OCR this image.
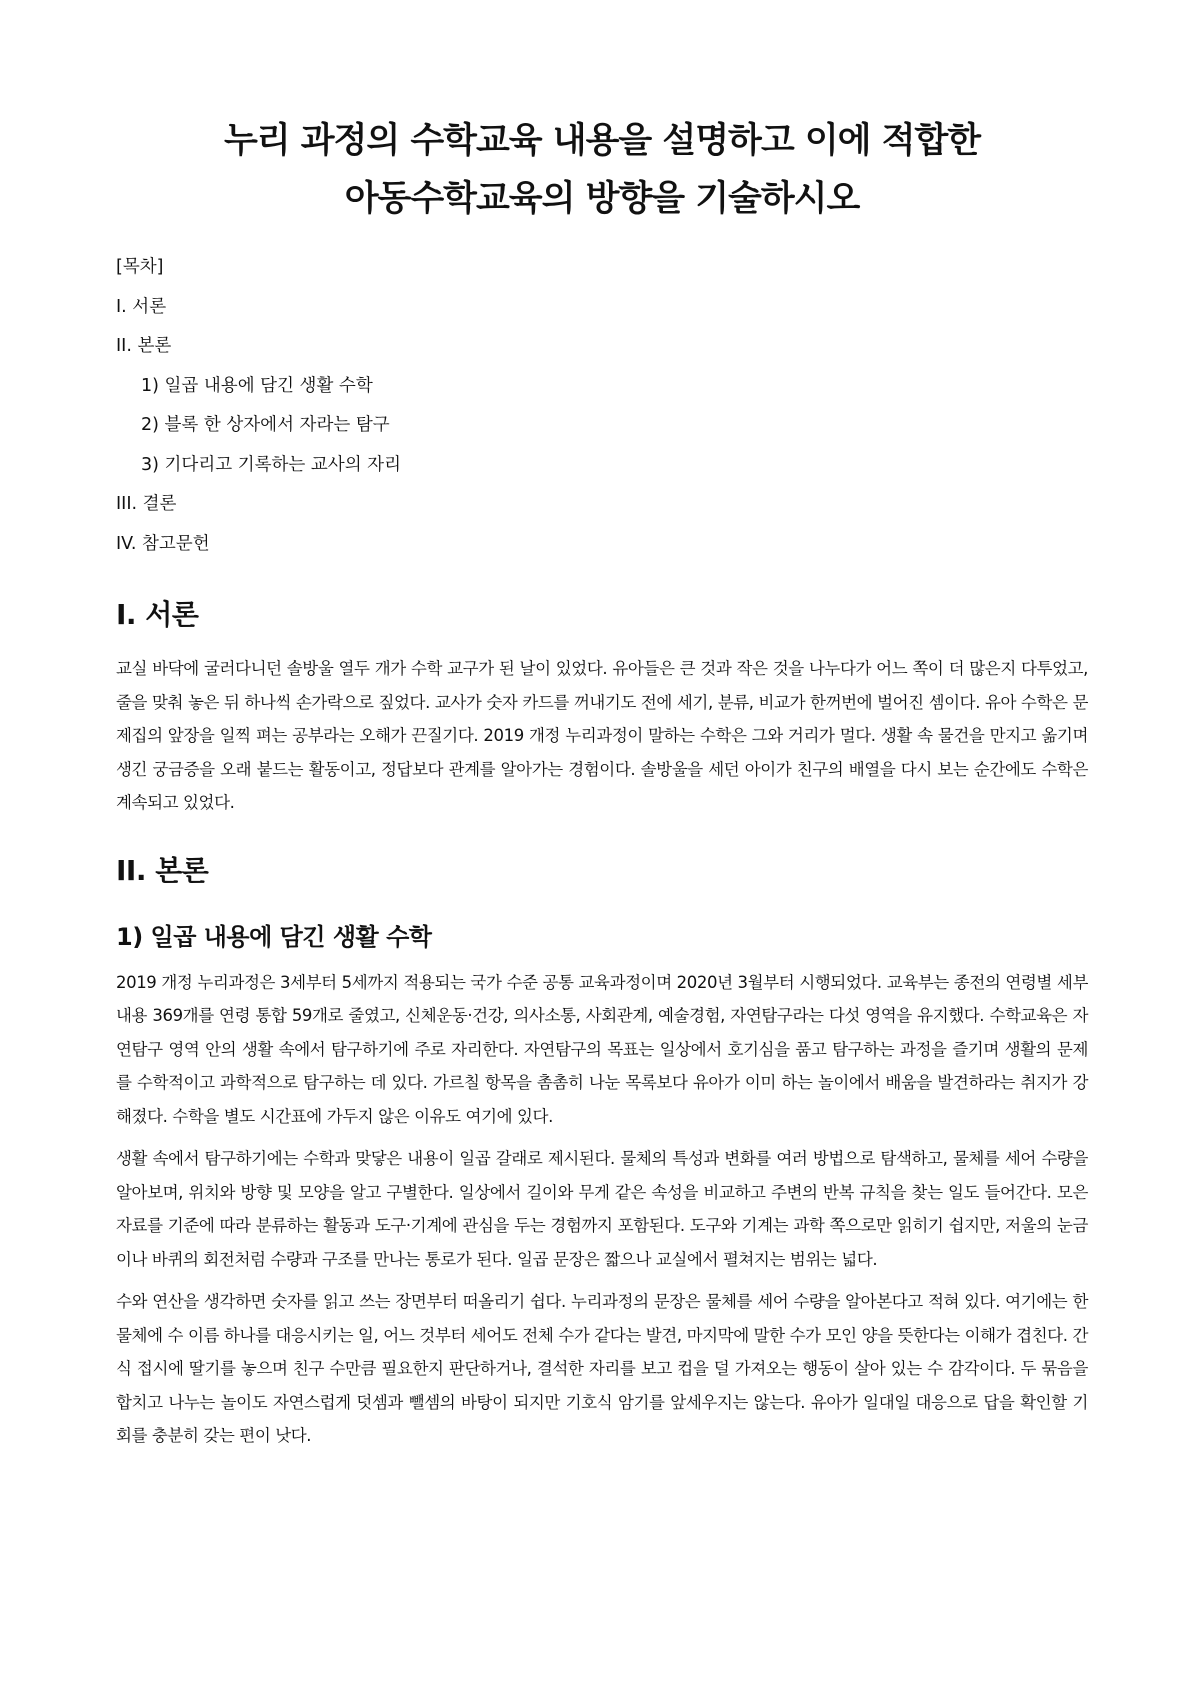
누리 과정의 수학교육 내용을 설명하고 이에 적합한 아동수학교육의 방향을 기술하시오
[목차]
I. 서론
II. 본론
1) 일곱 내용에 담긴 생활 수학
2) 블록 한 상자에서 자라는 탐구
3) 기다리고 기록하는 교사의 자리
III. 결론
IV. 참고문헌
I. 서론

교실 바닥에 굴러다니던 솔방울 열두 개가 수학 교구가 된 날이 있었다. 유아들은 큰 것과 작은 것을 나누다가 어느 쪽이 더 많은지 다투었고, 줄을 맞춰 놓은 뒤 하나씩 손가락으로 짚었다. 교사가 숫자 카드를 꺼내기도 전에 세기, 분류, 비교가 한꺼번에 벌어진 셈이다. 유아 수학은 문제집의 앞장을 일찍 펴는 공부라는 오해가 끈질기다. 2019 개정 누리과정이 말하는 수학은 그와 거리가 멀다. 생활 속 물건을 만지고 옮기며 생긴 궁금증을 오래 붙드는 활동이고, 정답보다 관계를 알아가는 경험이다. 솔방울을 세던 아이가 친구의 배열을 다시 보는 순간에도 수학은 계속되고 있었다.

II. 본론
1) 일곱 내용에 담긴 생활 수학

2019 개정 누리과정은 3세부터 5세까지 적용되는 국가 수준 공통 교육과정이며 2020년 3월부터 시행되었다. 교육부는 종전의 연령별 세부 내용 369개를 연령 통합 59개로 줄였고, 신체운동·건강, 의사소통, 사회관계, 예술경험, 자연탐구라는 다섯 영역을 유지했다. 수학교육은 자연탐구 영역 안의 생활 속에서 탐구하기에 주로 자리한다. 자연탐구의 목표는 일상에서 호기심을 품고 탐구하는 과정을 즐기며 생활의 문제를 수학적이고 과학적으로 탐구하는 데 있다. 가르칠 항목을 촘촘히 나눈 목록보다 유아가 이미 하는 놀이에서 배움을 발견하라는 취지가 강해졌다. 수학을 별도 시간표에 가두지 않은 이유도 여기에 있다.

생활 속에서 탐구하기에는 수학과 맞닿은 내용이 일곱 갈래로 제시된다. 물체의 특성과 변화를 여러 방법으로 탐색하고, 물체를 세어 수량을 알아보며, 위치와 방향 및 모양을 알고 구별한다. 일상에서 길이와 무게 같은 속성을 비교하고 주변의 반복 규칙을 찾는 일도 들어간다. 모은 자료를 기준에 따라 분류하는 활동과 도구·기계에 관심을 두는 경험까지 포함된다. 도구와 기계는 과학 쪽으로만 읽히기 쉽지만, 저울의 눈금이나 바퀴의 회전처럼 수량과 구조를 만나는 통로가 된다. 일곱 문장은 짧으나 교실에서 펼쳐지는 범위는 넓다.

수와 연산을 생각하면 숫자를 읽고 쓰는 장면부터 떠올리기 쉽다. 누리과정의 문장은 물체를 세어 수량을 알아본다고 적혀 있다. 여기에는 한 물체에 수 이름 하나를 대응시키는 일, 어느 것부터 세어도 전체 수가 같다는 발견, 마지막에 말한 수가 모인 양을 뜻한다는 이해가 겹친다. 간식 접시에 딸기를 놓으며 친구 수만큼 필요한지 판단하거나, 결석한 자리를 보고 컵을 덜 가져오는 행동이 살아 있는 수 감각이다. 두 묶음을 합치고 나누는 놀이도 자연스럽게 덧셈과 뺄셈의 바탕이 되지만 기호식 암기를 앞세우지는 않는다. 유아가 일대일 대응으로 답을 확인할 기회를 충분히 갖는 편이 낫다.
